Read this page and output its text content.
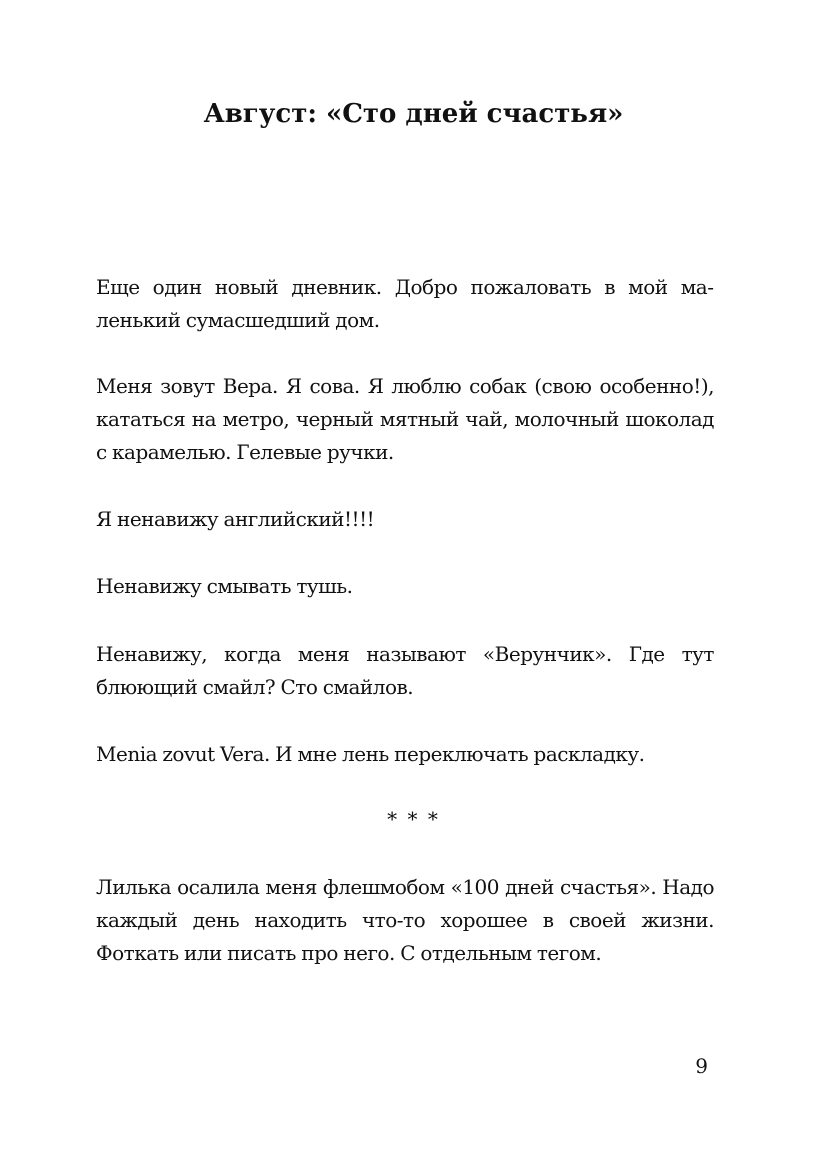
Август: «Сто дней счастья»

Еще один новый дневник. Добро пожаловать в мой маленький сумасшедший дом.

Меня зовут Вера. Я сова. Я люблю собак (свою особенно!), кататься на метро, черный мятный чай, молочный шоколад с карамелью. Гелевые ручки.

Я ненавижу английский!!!!

Ненавижу смывать тушь.

Ненавижу, когда меня называют «Верунчик». Где тут блюющий смайл? Сто смайлов.

Menia zovut Vera. И мне лень переключать раскладку.

* * *

Лилька осалила меня флешмобом «100 дней счастья». Надо каждый день находить что-то хорошее в своей жизни. Фоткать или писать про него. С отдельным тегом.

9
